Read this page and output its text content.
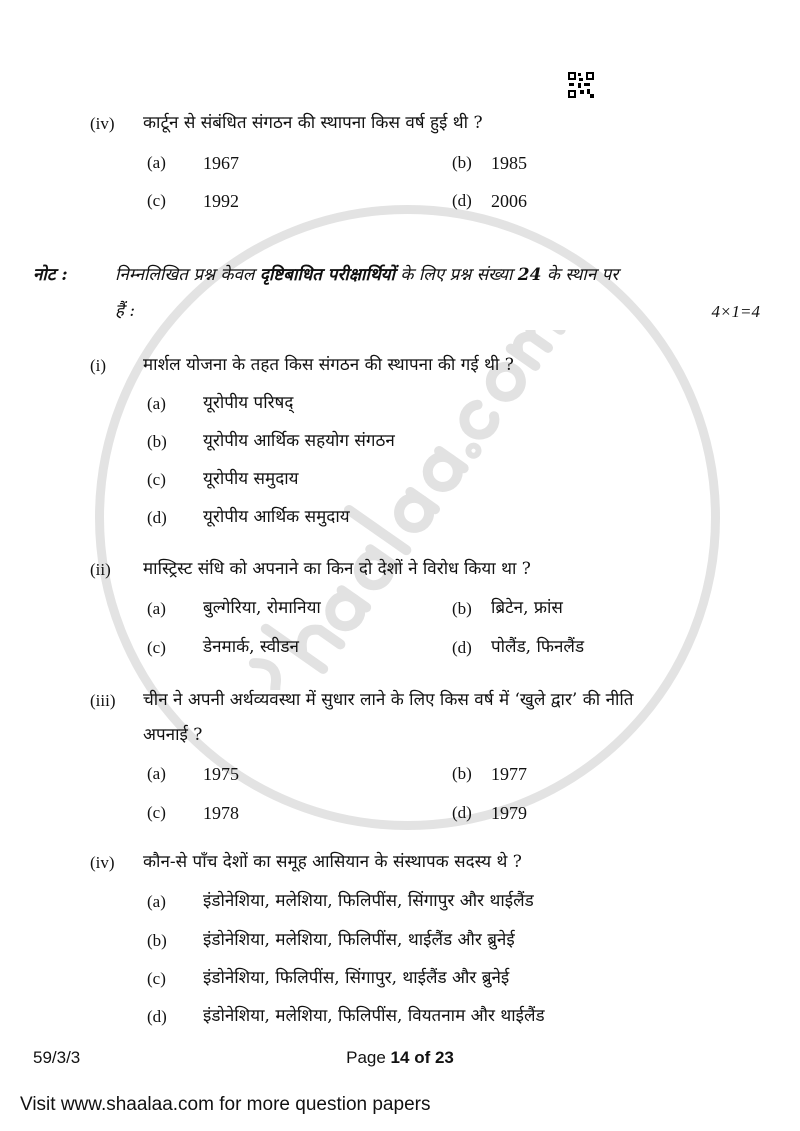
(iv) कार्टून से संबंधित संगठन की स्थापना किस वर्ष हुई थी ?
(a) 1967	(b) 1985
(c) 1992	(d) 2006
नोट :	निम्नलिखित प्रश्न केवल दृष्टिबाधित परीक्षार्थियों के लिए प्रश्न संख्या 24 के स्थान पर
हैं :	4×1=4
(i) मार्शल योजना के तहत किस संगठन की स्थापना की गई थी ?
(a) यूरोपीय परिषद्
(b) यूरोपीय आर्थिक सहयोग संगठन
(c) यूरोपीय समुदाय
(d) यूरोपीय आर्थिक समुदाय
(ii) मास्ट्रिस्ट संधि को अपनाने का किन दो देशों ने विरोध किया था ?
(a) बुल्गेरिया, रोमानिया	(b) ब्रिटेन, फ्रांस
(c) डेनमार्क, स्वीडन	(d) पोलैंड, फिनलैंड
(iii) चीन ने अपनी अर्थव्यवस्था में सुधार लाने के लिए किस वर्ष में ‘खुले द्वार’ की नीति
अपनाई ?
(a) 1975	(b) 1977
(c) 1978	(d) 1979
(iv) कौन-से पाँच देशों का समूह आसियान के संस्थापक सदस्य थे ?
(a) इंडोनेशिया, मलेशिया, फिलिपींस, सिंगापुर और थाईलैंड
(b) इंडोनेशिया, मलेशिया, फिलिपींस, थाईलैंड और ब्रुनेई
(c) इंडोनेशिया, फिलिपींस, सिंगापुर, थाईलैंड और ब्रुनेई
(d) इंडोनेशिया, मलेशिया, फिलिपींस, वियतनाम और थाईलैंड
59/3/3	Page 14 of 23
Visit www.shaalaa.com for more question papers
